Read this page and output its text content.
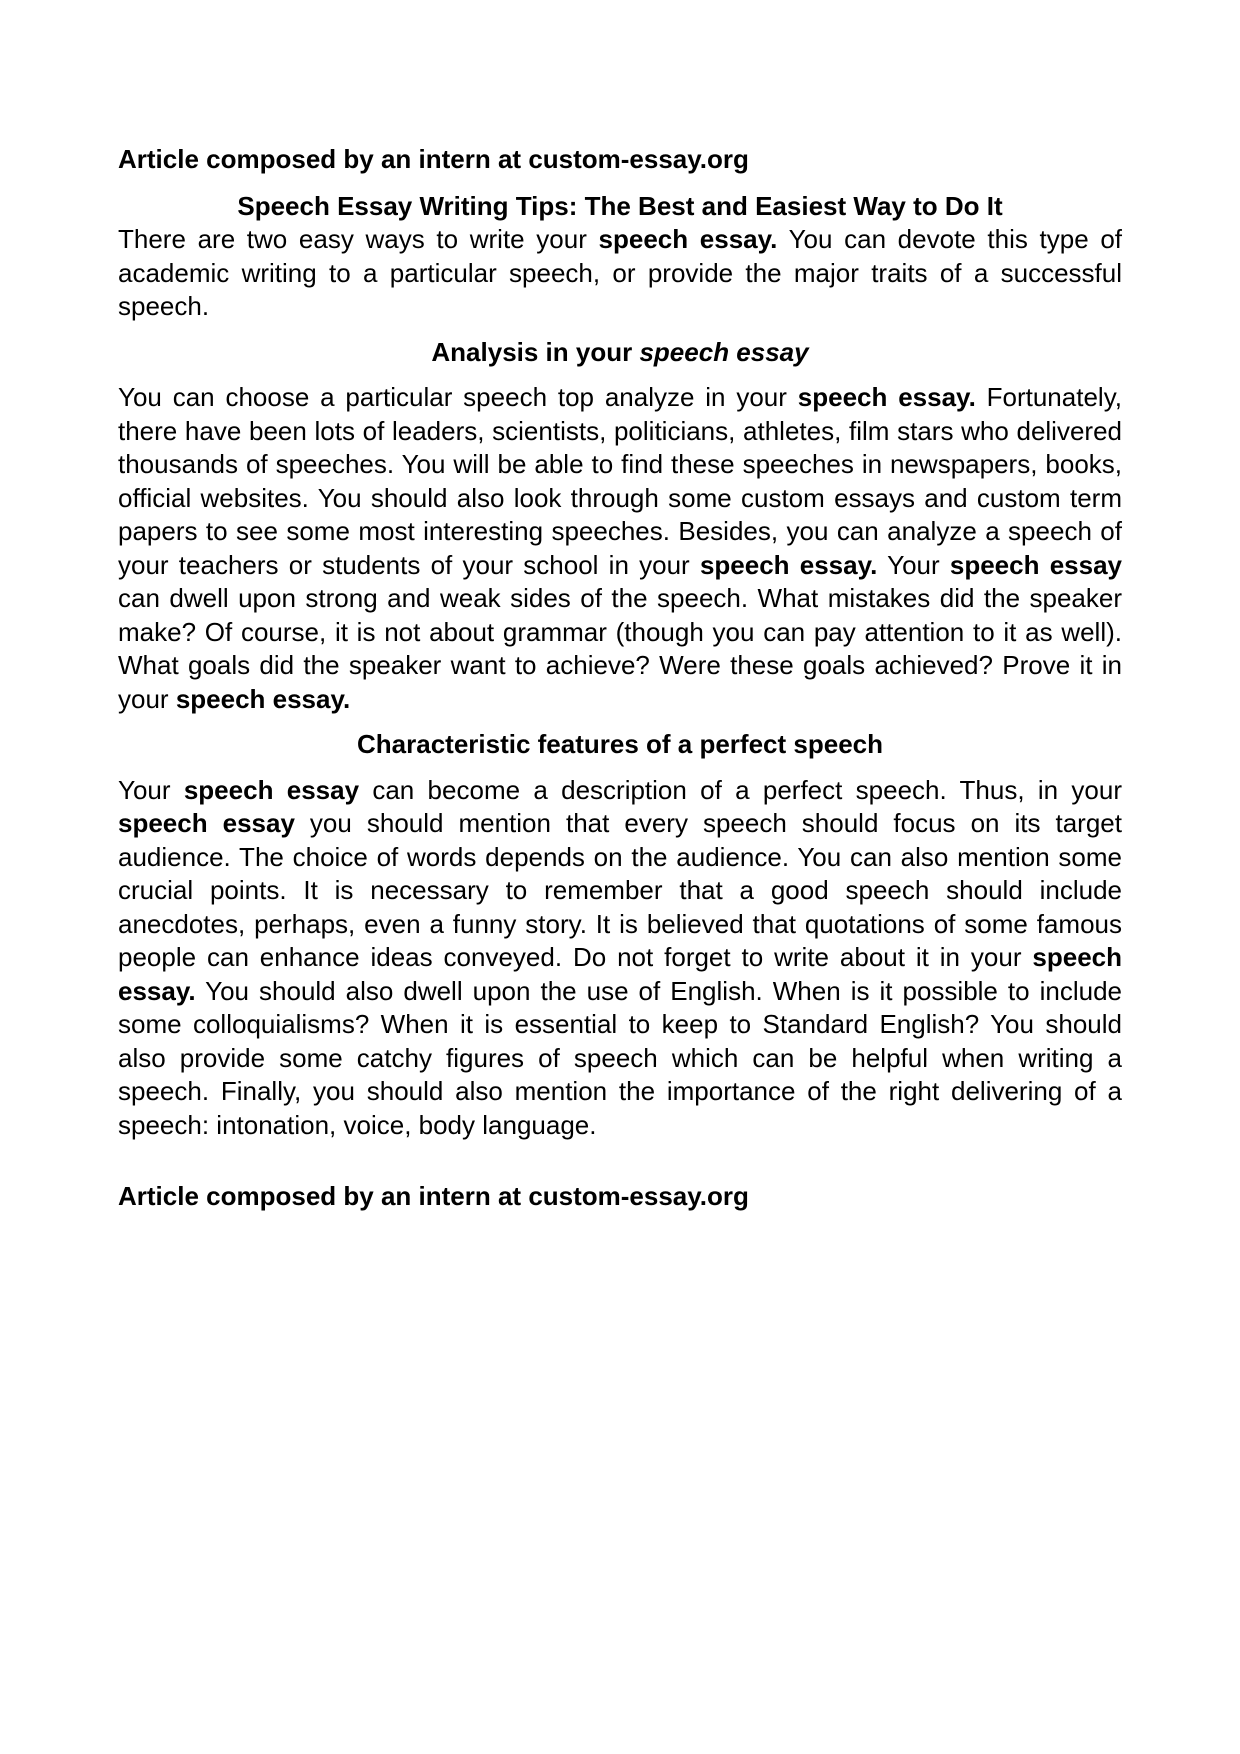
Article composed by an intern at custom-essay.org

Speech Essay Writing Tips: The Best and Easiest Way to Do It

There are two easy ways to write your speech essay. You can devote this type of academic writing to a particular speech, or provide the major traits of a successful speech.

Analysis in your speech essay

You can choose a particular speech top analyze in your speech essay. Fortunately, there have been lots of leaders, scientists, politicians, athletes, film stars who delivered thousands of speeches. You will be able to find these speeches in newspapers, books, official websites. You should also look through some custom essays and custom term papers to see some most interesting speeches. Besides, you can analyze a speech of your teachers or students of your school in your speech essay. Your speech essay can dwell upon strong and weak sides of the speech. What mistakes did the speaker make? Of course, it is not about grammar (though you can pay attention to it as well). What goals did the speaker want to achieve? Were these goals achieved? Prove it in your speech essay.

Characteristic features of a perfect speech

Your speech essay can become a description of a perfect speech. Thus, in your speech essay you should mention that every speech should focus on its target audience. The choice of words depends on the audience. You can also mention some crucial points. It is necessary to remember that a good speech should include anecdotes, perhaps, even a funny story. It is believed that quotations of some famous people can enhance ideas conveyed. Do not forget to write about it in your speech essay. You should also dwell upon the use of English. When is it possible to include some colloquialisms? When it is essential to keep to Standard English? You should also provide some catchy figures of speech which can be helpful when writing a speech. Finally, you should also mention the importance of the right delivering of a speech: intonation, voice, body language.

Article composed by an intern at custom-essay.org
